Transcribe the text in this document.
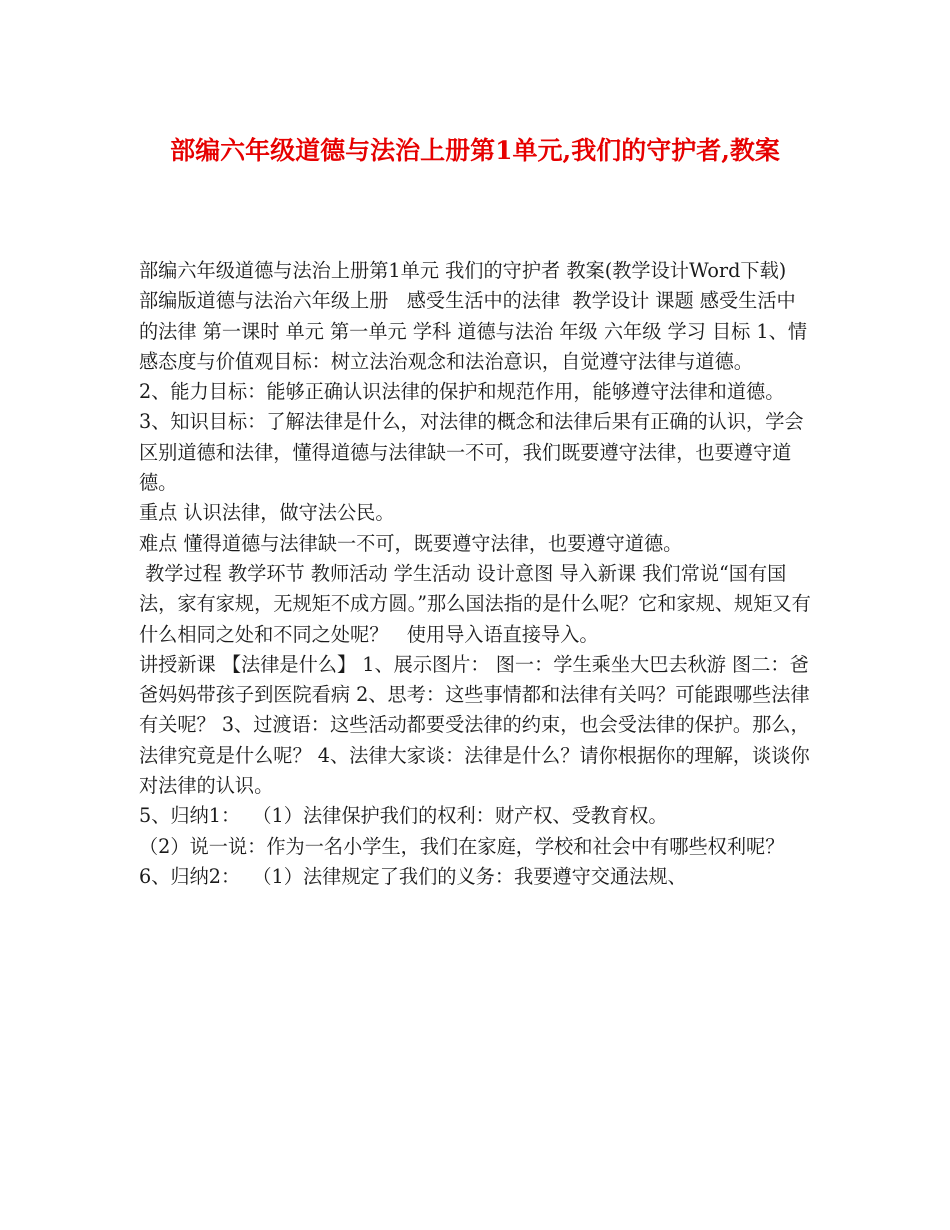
部编六年级道德与法治上册第1单元,我们的守护者,教案

部编六年级道德与法治上册第1单元 我们的守护者 教案(教学设计Word下载)    部编版道德与法治六年级上册   感受生活中的法律  教学设计 课题 感受生活中的法律 第一课时 单元 第一单元 学科 道德与法治 年级 六年级 学习 目标 1、情感态度与价值观目标：树立法治观念和法治意识，自觉遵守法律与道德。

2、能力目标：能够正确认识法律的保护和规范作用，能够遵守法律和道德。

3、知识目标：了解法律是什么，对法律的概念和法律后果有正确的认识，学会区别道德和法律，懂得道德与法律缺一不可，我们既要遵守法律，也要遵守道德。

重点 认识法律，做守法公民。

难点 懂得道德与法律缺一不可，既要遵守法律，也要遵守道德。

教学过程 教学环节 教师活动 学生活动 设计意图 导入新课 我们常说“国有国法，家有家规，无规矩不成方圆。”那么国法指的是什么呢？它和家规、规矩又有什么相同之处和不同之处呢？   使用导入语直接导入。

讲授新课 【法律是什么】 1、展示图片： 图一：学生乘坐大巴去秋游 图二：爸爸妈妈带孩子到医院看病 2、思考：这些事情都和法律有关吗？可能跟哪些法律有关呢？ 3、过渡语：这些活动都要受法律的约束，也会受法律的保护。那么，法律究竟是什么呢？ 4、法律大家谈：法律是什么？请你根据你的理解，谈谈你对法律的认识。

5、归纳1：  （1）法律保护我们的权利：财产权、受教育权。

（2）说一说：作为一名小学生，我们在家庭，学校和社会中有哪些权利呢？ 6、归纳2：  （1）法律规定了我们的义务：我要遵守交通法规、
